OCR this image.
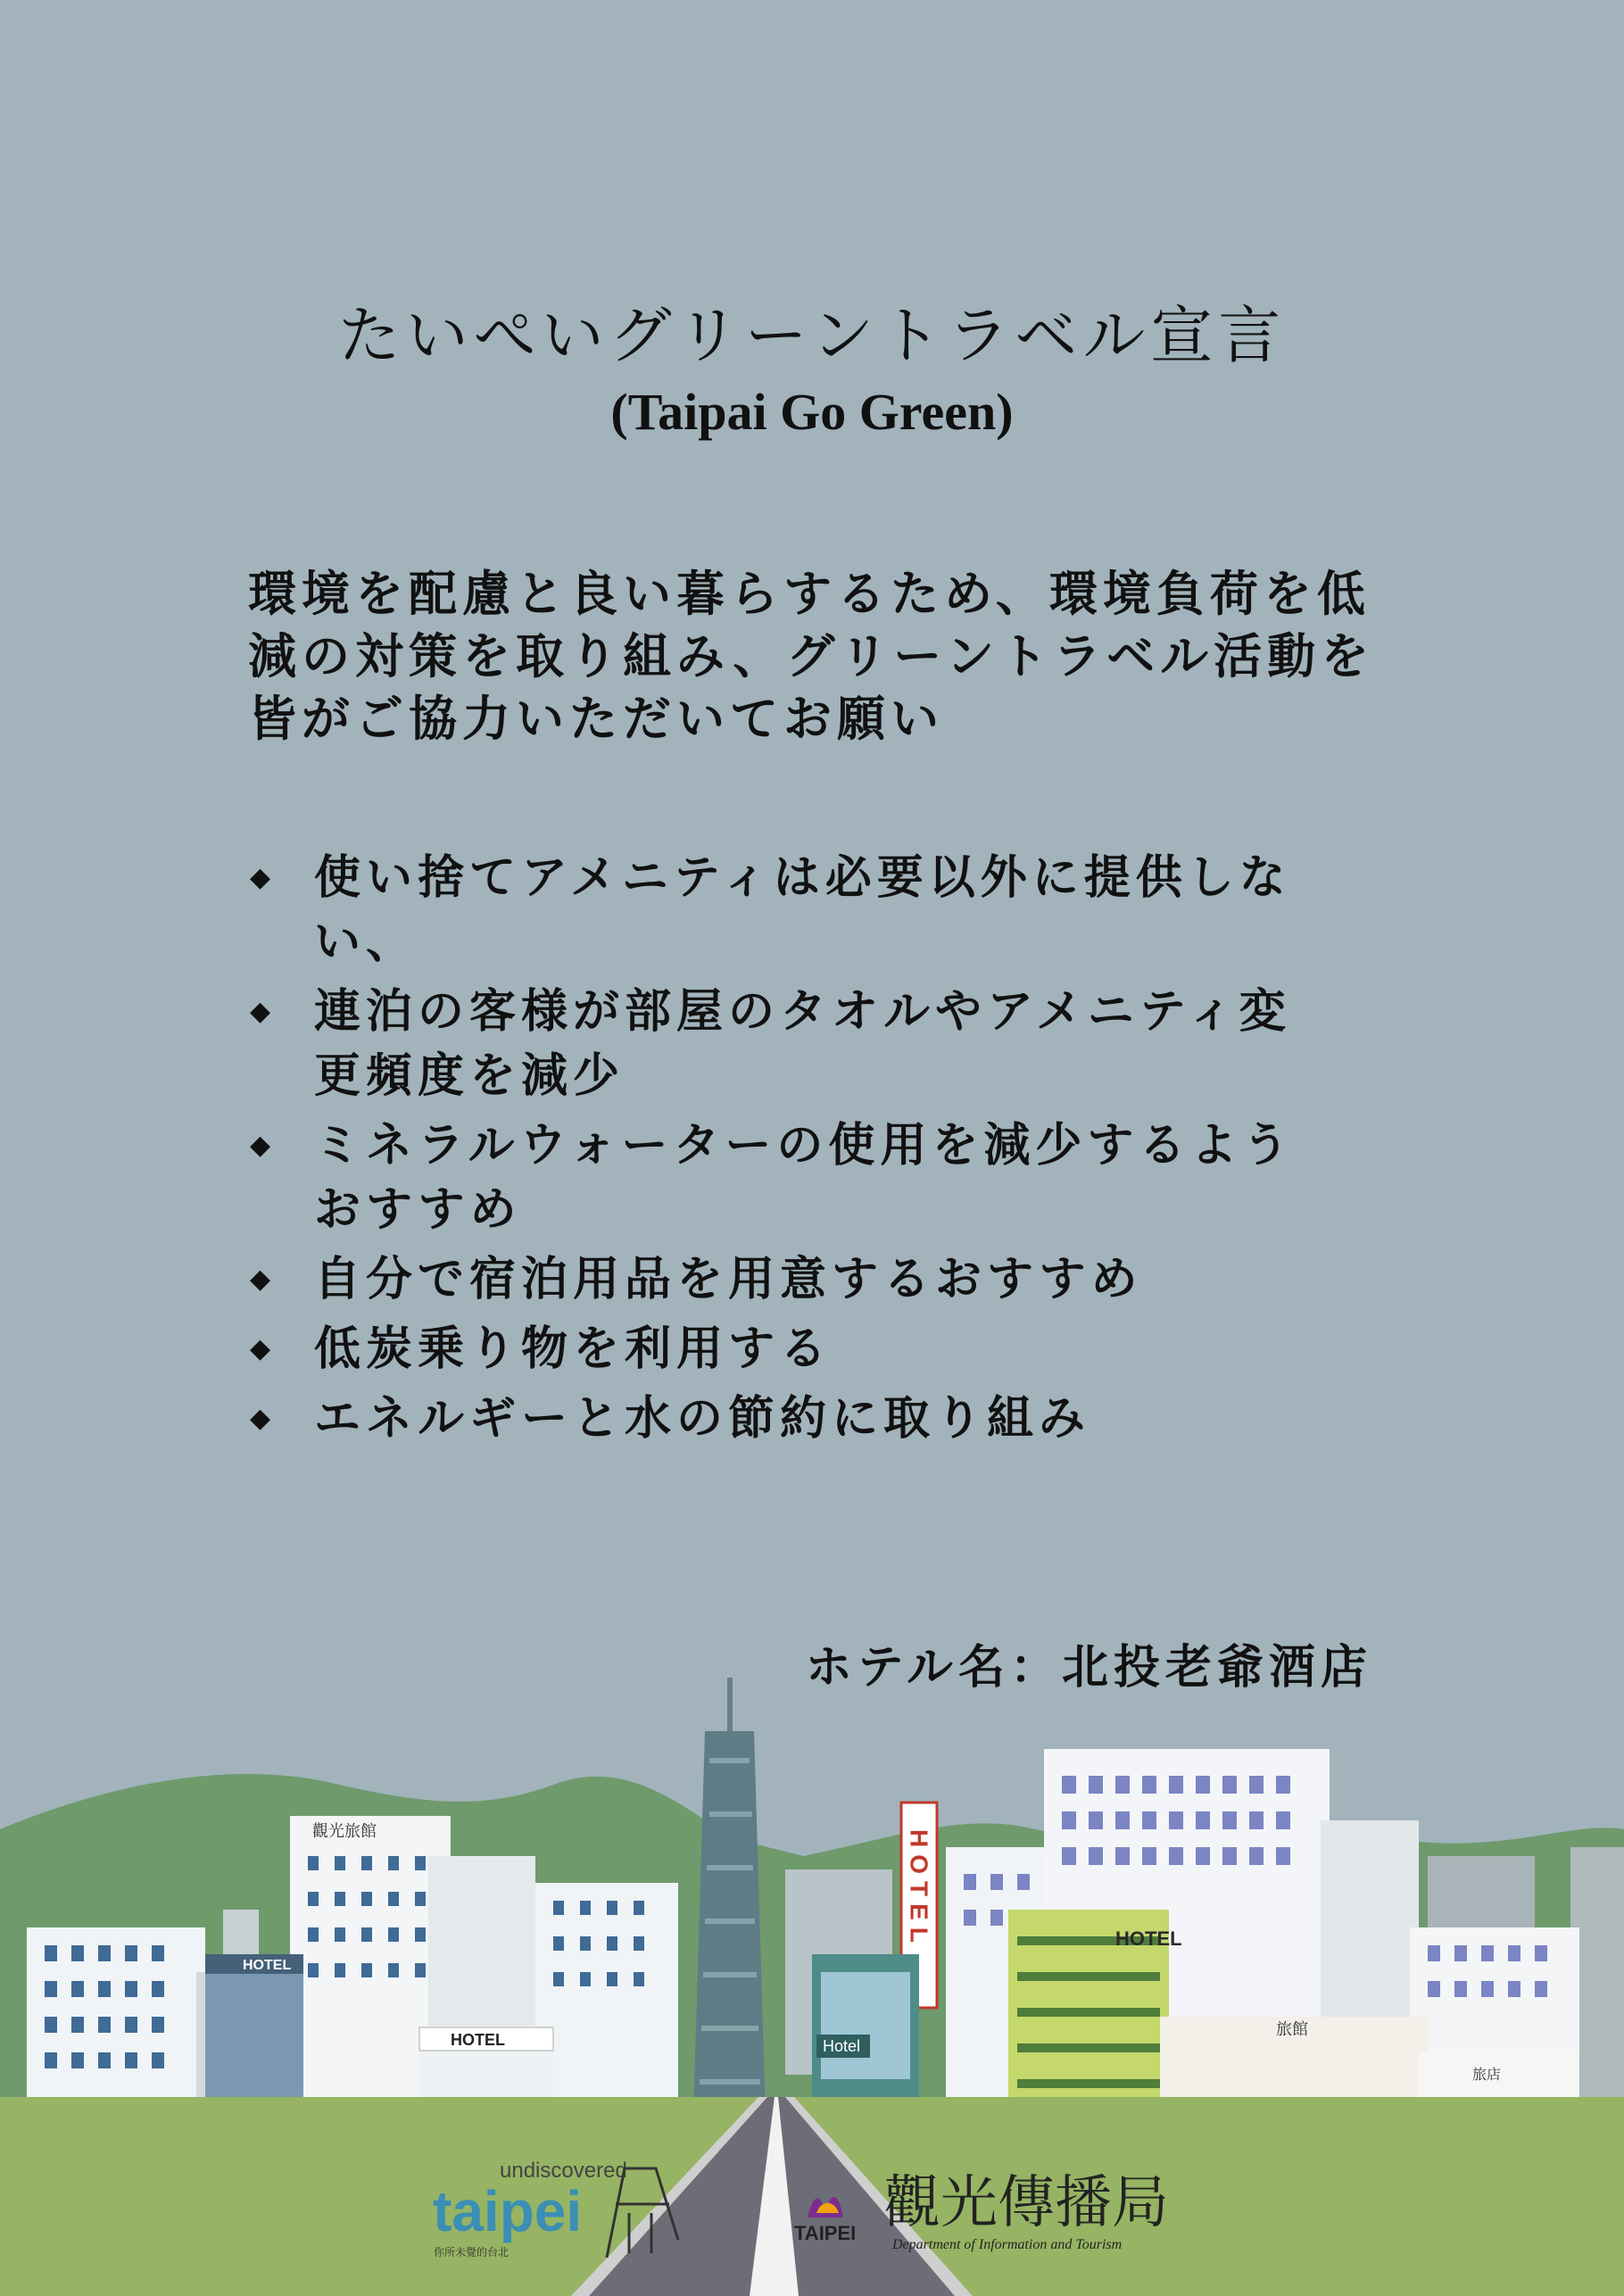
たいぺいグリーントラベル宣言
(Taipai Go Green)
環境を配慮と良い暮らするため、環境負荷を低減の対策を取り組み、グリーントラベル活動を皆がご協力いただいてお願い
◆ 使い捨てアメニティは必要以外に提供しない、
◆ 連泊の客様が部屋のタオルやアメニティ変更頻度を減少
◆ ミネラルウォーターの使用を減少するようおすすめ
◆ 自分で宿泊用品を用意するおすすめ
◆ 低炭乗り物を利用する
◆ エネルギーと水の節約に取り組み
ホテル名：北投老爺酒店
觀光旅館
HOTEL
HOTEL
HOTEL	HOTEL
Hotel
旅館
旅店
undiscovered
taipei
你所未覺的台北
TAIPEI 觀光傳播局
Department of Information and Tourism
